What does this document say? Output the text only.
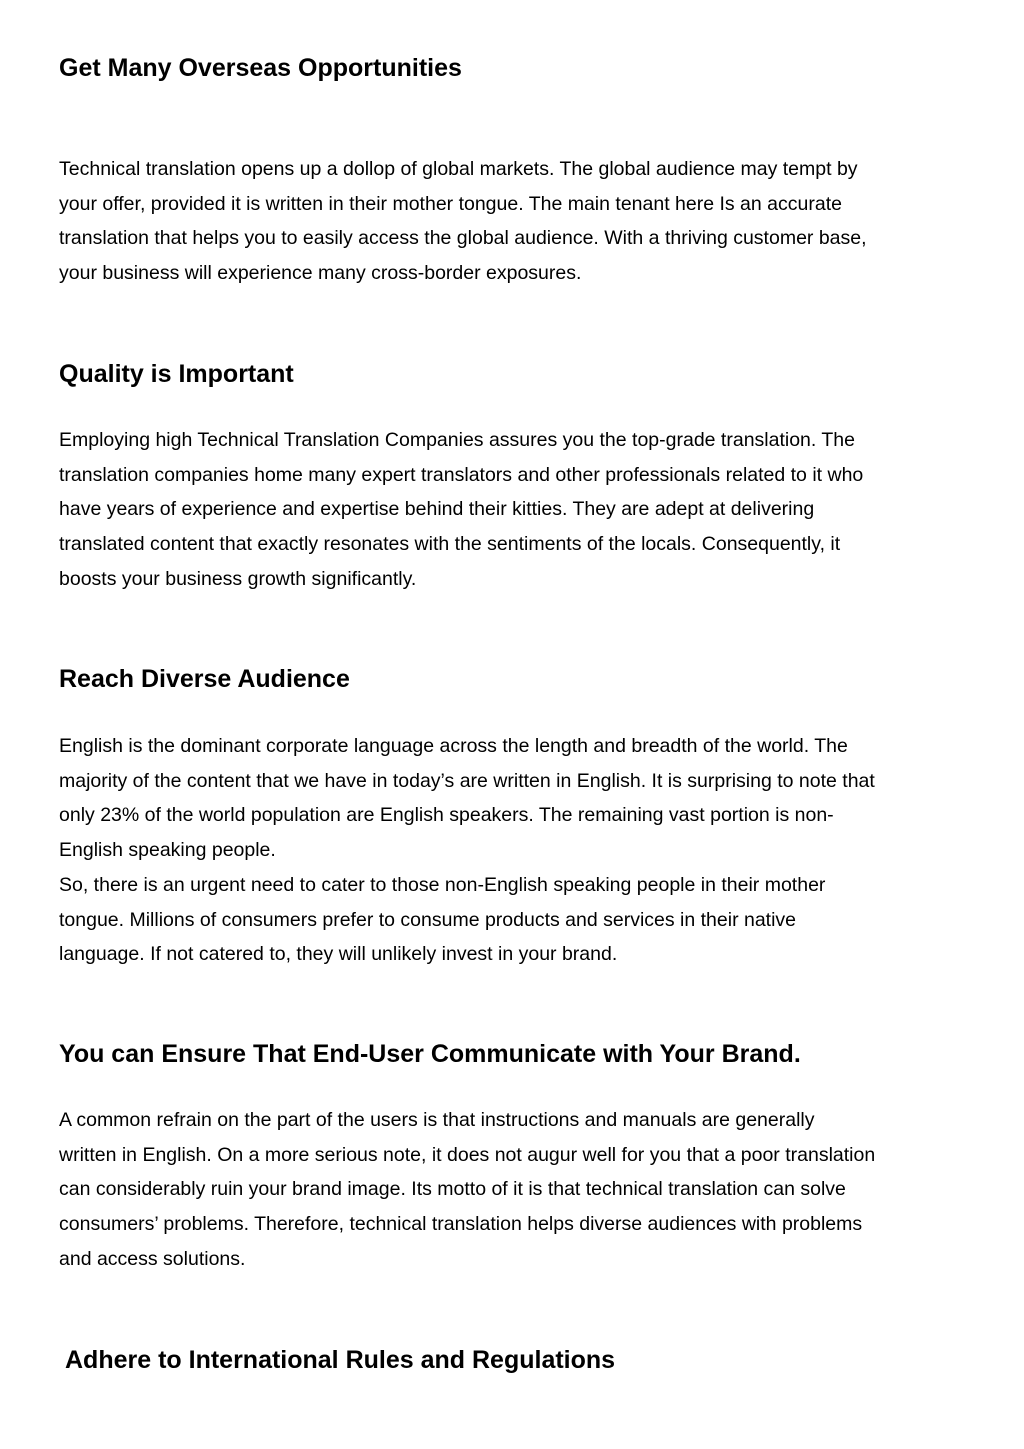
Get Many Overseas Opportunities

Technical translation opens up a dollop of global markets. The global audience may tempt by
your offer, provided it is written in their mother tongue. The main tenant here Is an accurate
translation that helps you to easily access the global audience. With a thriving customer base,
your business will experience many cross-border exposures.

Quality is Important

Employing high Technical Translation Companies assures you the top-grade translation. The
translation companies home many expert translators and other professionals related to it who
have years of experience and expertise behind their kitties. They are adept at delivering
translated content that exactly resonates with the sentiments of the locals. Consequently, it
boosts your business growth significantly.

Reach Diverse Audience

English is the dominant corporate language across the length and breadth of the world. The
majority of the content that we have in today’s are written in English. It is surprising to note that
only 23% of the world population are English speakers. The remaining vast portion is non-
English speaking people.
So, there is an urgent need to cater to those non-English speaking people in their mother
tongue. Millions of consumers prefer to consume products and services in their native
language. If not catered to, they will unlikely invest in your brand.

You can Ensure That End-User Communicate with Your Brand.

A common refrain on the part of the users is that instructions and manuals are generally
written in English. On a more serious note, it does not augur well for you that a poor translation
can considerably ruin your brand image. Its motto of it is that technical translation can solve
consumers’ problems. Therefore, technical translation helps diverse audiences with problems
and access solutions.

Adhere to International Rules and Regulations
